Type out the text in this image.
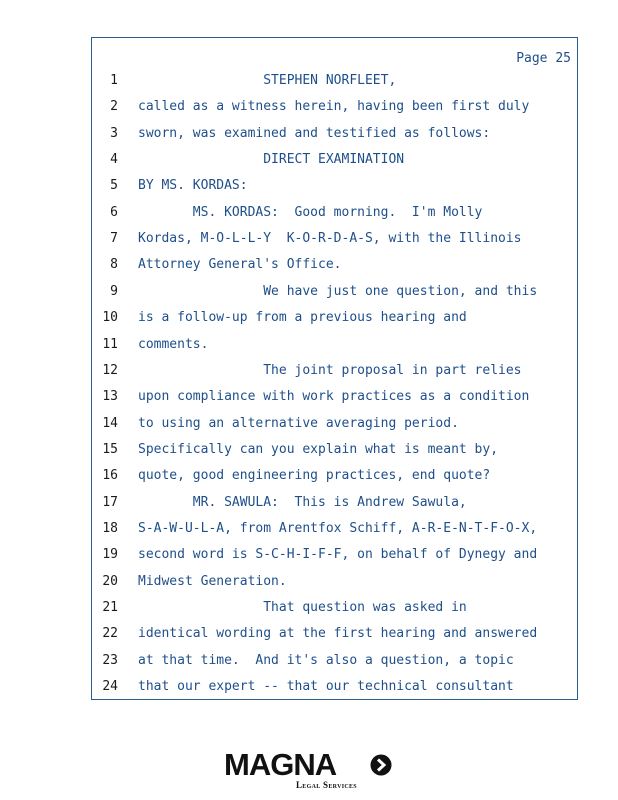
Page 25
1 STEPHEN NORFLEET,
2 called as a witness herein, having been first duly
3 sworn, was examined and testified as follows:
4 DIRECT EXAMINATION
5 BY MS. KORDAS:
6 MS. KORDAS:  Good morning.  I'm Molly
7 Kordas, M-O-L-L-Y  K-O-R-D-A-S, with the Illinois
8 Attorney General's Office.
9 We have just one question, and this
10 is a follow-up from a previous hearing and
11 comments.
12 The joint proposal in part relies
13 upon compliance with work practices as a condition
14 to using an alternative averaging period.
15 Specifically can you explain what is meant by,
16 quote, good engineering practices, end quote?
17 MR. SAWULA:  This is Andrew Sawula,
18 S-A-W-U-L-A, from Arentfox Schiff, A-R-E-N-T-F-O-X,
19 second word is S-C-H-I-F-F, on behalf of Dynegy and
20 Midwest Generation.
21 That question was asked in
22 identical wording at the first hearing and answered
23 at that time.  And it's also a question, a topic
24 that our expert -- that our technical consultant
MAGNA
Legal Services
